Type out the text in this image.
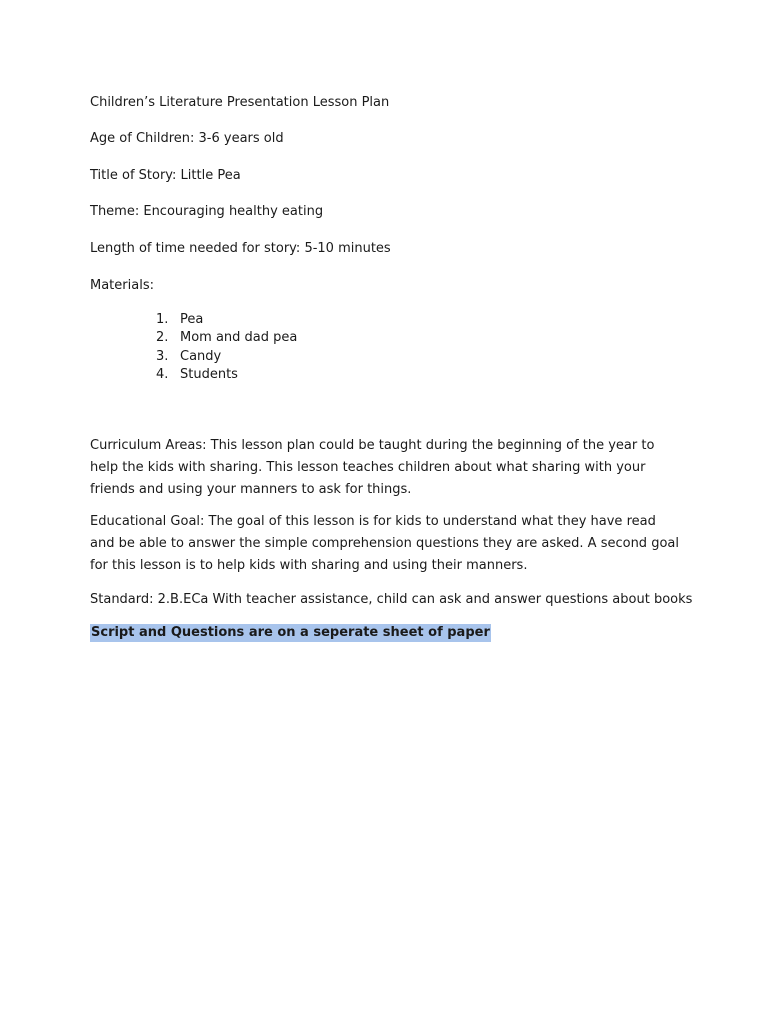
Children’s Literature Presentation Lesson Plan
Age of Children: 3-6 years old
Title of Story: Little Pea
Theme: Encouraging healthy eating
Length of time needed for story: 5-10 minutes
Materials:
1. Pea
2. Mom and dad pea
3. Candy
4. Students
Curriculum Areas: This lesson plan could be taught during the beginning of the year to help the kids with sharing. This lesson teaches children about what sharing with your friends and using your manners to ask for things.
Educational Goal: The goal of this lesson is for kids to understand what they have read and be able to answer the simple comprehension questions they are asked. A second goal for this lesson is to help kids with sharing and using their manners.
Standard: 2.B.ECa With teacher assistance, child can ask and answer questions about books
Script and Questions are on a seperate sheet of paper
